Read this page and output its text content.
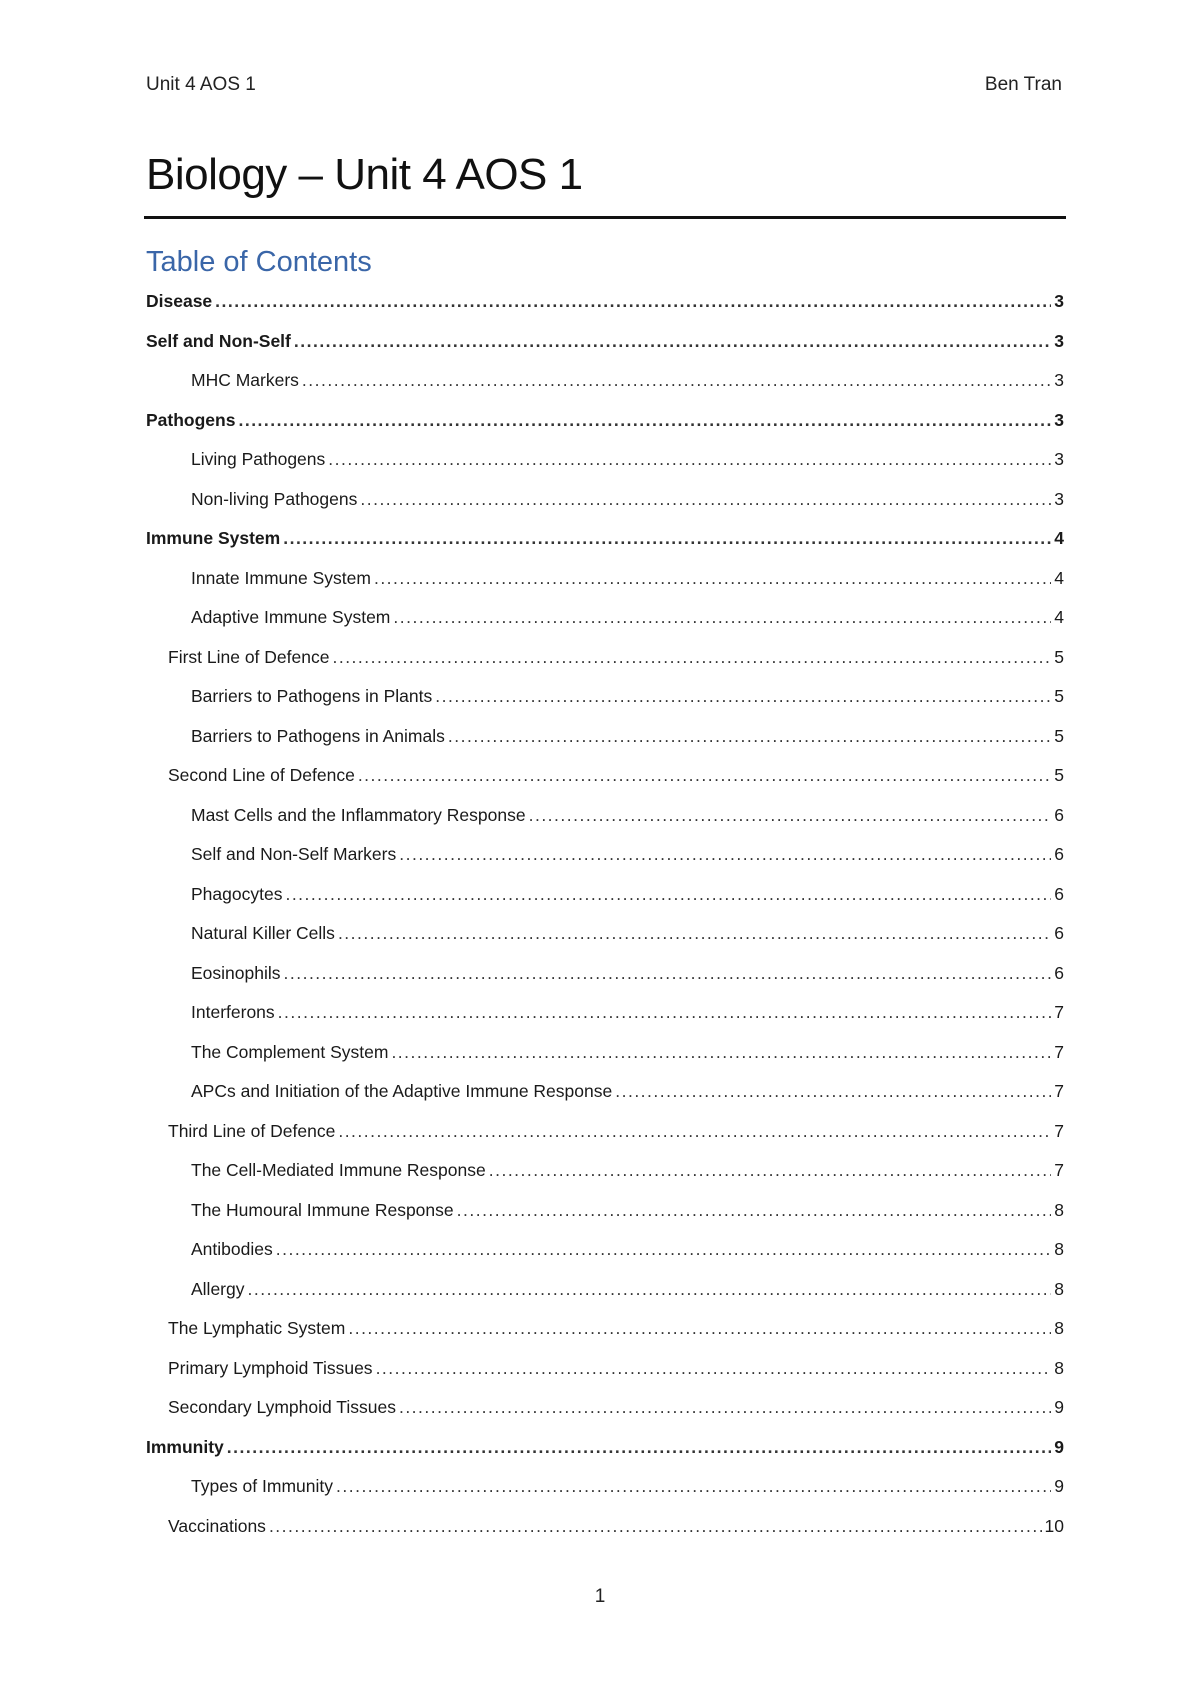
Unit 4 AOS 1	Ben Tran
Biology – Unit 4 AOS 1
Table of Contents
Disease .....	3
Self and Non-Self .....	3
MHC Markers .....	3
Pathogens .....	3
Living Pathogens .....	3
Non-living Pathogens .....	3
Immune System .....	4
Innate Immune System .....	4
Adaptive Immune System .....	4
First Line of Defence .....	5
Barriers to Pathogens in Plants .....	5
Barriers to Pathogens in Animals .....	5
Second Line of Defence .....	5
Mast Cells and the Inflammatory Response .....	6
Self and Non-Self Markers .....	6
Phagocytes .....	6
Natural Killer Cells .....	6
Eosinophils .....	6
Interferons .....	7
The Complement System .....	7
APCs and Initiation of the Adaptive Immune Response .....	7
Third Line of Defence .....	7
The Cell-Mediated Immune Response .....	7
The Humoural Immune Response .....	8
Antibodies .....	8
Allergy .....	8
The Lymphatic System .....	8
Primary Lymphoid Tissues .....	8
Secondary Lymphoid Tissues .....	9
Immunity .....	9
Types of Immunity .....	9
Vaccinations .....	10
1
